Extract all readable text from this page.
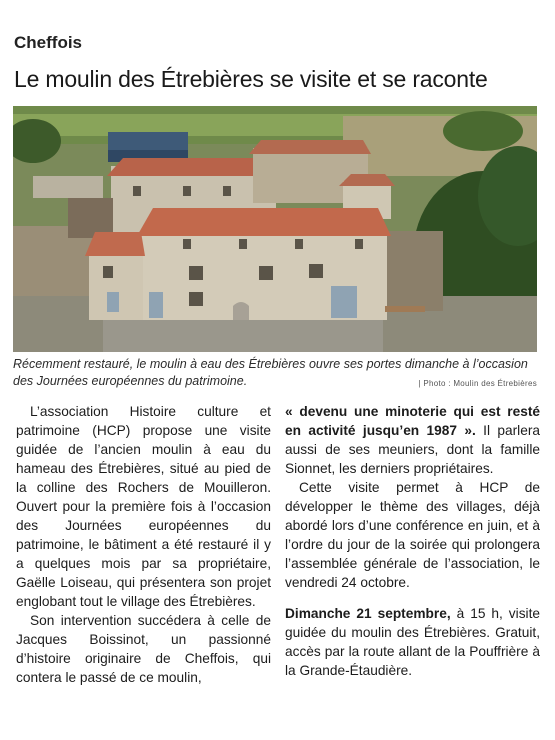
Cheffois
Le moulin des Étrebières se visite et se raconte
Récemment restauré, le moulin à eau des Étrebières ouvre ses portes dimanche à l’occasion des Journées européennes du patrimoine.	| Photo : Moulin des Étrebières

L’association Histoire culture et patrimoine (HCP) propose une visite guidée de l’ancien moulin à eau du hameau des Étrebières, situé au pied de la colline des Rochers de Mouilleron. Ouvert pour la première fois à l’occasion des Journées européennes du patrimoine, le bâtiment a été restauré il y a quelques mois par sa propriétaire, Gaëlle Loiseau, qui présentera son projet englobant tout le village des Étrebières.

Son intervention succédera à celle de Jacques Boissinot, un passionné d’histoire originaire de Cheffois, qui contera le passé de ce moulin,

« devenu une minoterie qui est resté en activité jusqu’en 1987 ». Il parlera aussi de ses meuniers, dont la famille Sionnet, les derniers propriétaires.

Cette visite permet à HCP de développer le thème des villages, déjà abordé lors d’une conférence en juin, et à l’ordre du jour de la soirée qui prolongera l’assemblée générale de l’association, le vendredi 24 octobre.

Dimanche 21 septembre, à 15 h, visite guidée du moulin des Étrebières. Gratuit, accès par la route allant de la Pouffrière à la Grande-Étaudière.
